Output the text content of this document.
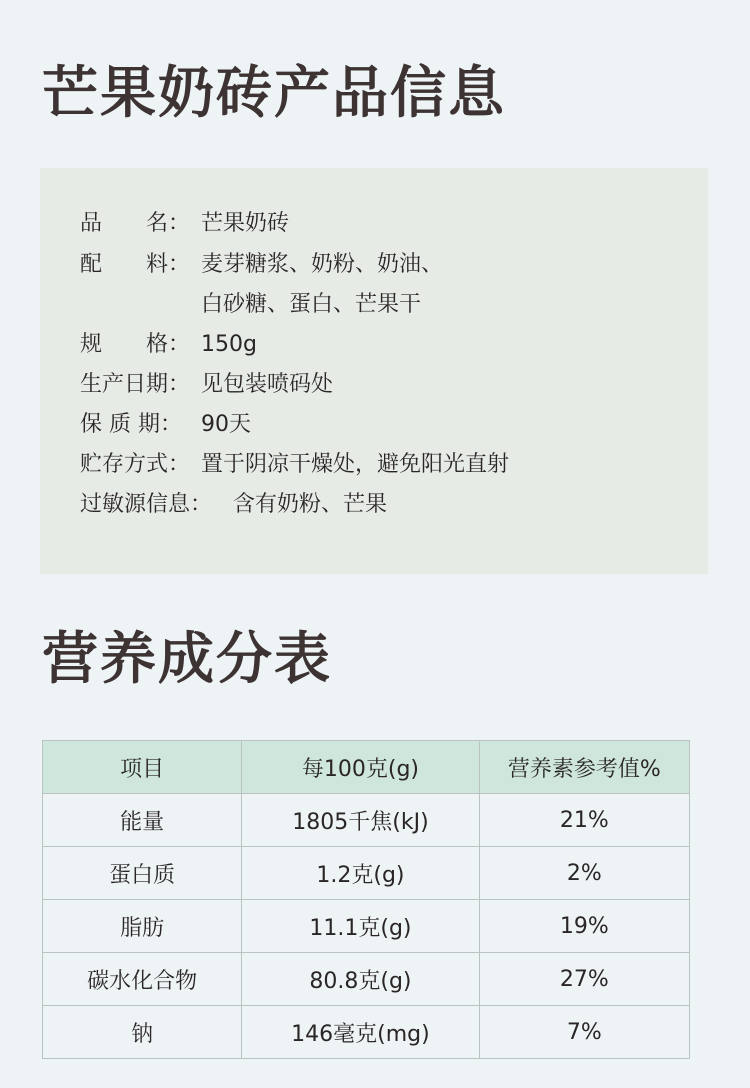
芒果奶砖产品信息
品　　名： 芒果奶砖
配　　料： 麦芽糖浆、奶粉、奶油、
白砂糖、蛋白、芒果干
规　　格： 150g
生产日期： 见包装喷码处
保 质 期： 90天
贮存方式： 置于阴凉干燥处，避免阳光直射
过敏源信息： 含有奶粉、芒果
营养成分表
项目	每100克(g)	营养素参考值%
能量	1805千焦(kJ)	21%
蛋白质	1.2克(g)	2%
脂肪	11.1克(g)	19%
碳水化合物	80.8克(g)	27%
钠	146毫克(mg)	7%
